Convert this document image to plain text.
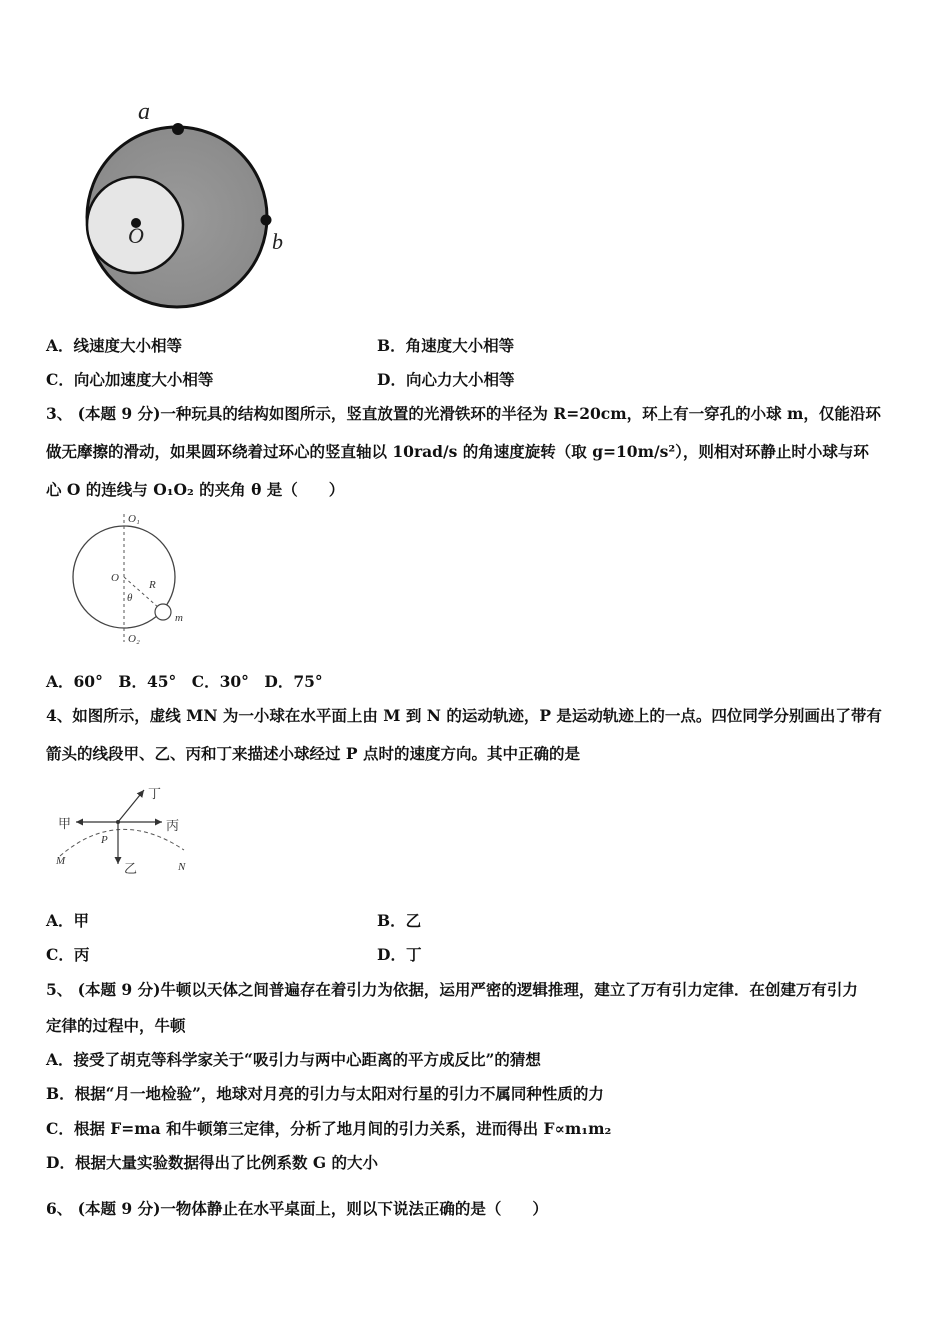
a
b
O
A．线速度大小相等	B．角速度大小相等
C．向心加速度大小相等	D．向心力大小相等
3、 (本题 9 分)一种玩具的结构如图所示，竖直放置的光滑铁环的半径为 R=20cm，环上有一穿孔的小球 m，仅能沿环
做无摩擦的滑动，如果圆环绕着过环心的竖直轴以 10rad/s 的角速度旋转（取 g=10m/s²），则相对环静止时小球与环
心 O 的连线与 O₁O₂ 的夹角 θ 是（　　）
O₁
O
R
θ
m
O₂
A．60°　B．45°　C．30°　D．75°
4、如图所示，虚线 MN 为一小球在水平面上由 M 到 N 的运动轨迹，P 是运动轨迹上的一点。四位同学分别画出了带有
箭头的线段甲、乙、丙和丁来描述小球经过 P 点时的速度方向。其中正确的是
甲	丙
乙
丁
P
M	N
A．甲	B．乙
C．丙	D．丁
5、 (本题 9 分)牛顿以天体之间普遍存在着引力为依据，运用严密的逻辑推理，建立了万有引力定律．在创建万有引力
定律的过程中，牛顿
A．接受了胡克等科学家关于“吸引力与两中心距离的平方成反比”的猜想
B．根据“月一地检验”，地球对月亮的引力与太阳对行星的引力不属同种性质的力
C．根据 F=ma 和牛顿第三定律，分析了地月间的引力关系，进而得出 F∝m₁m₂
D．根据大量实验数据得出了比例系数 G 的大小
6、 (本题 9 分)一物体静止在水平桌面上，则以下说法正确的是（　　）
